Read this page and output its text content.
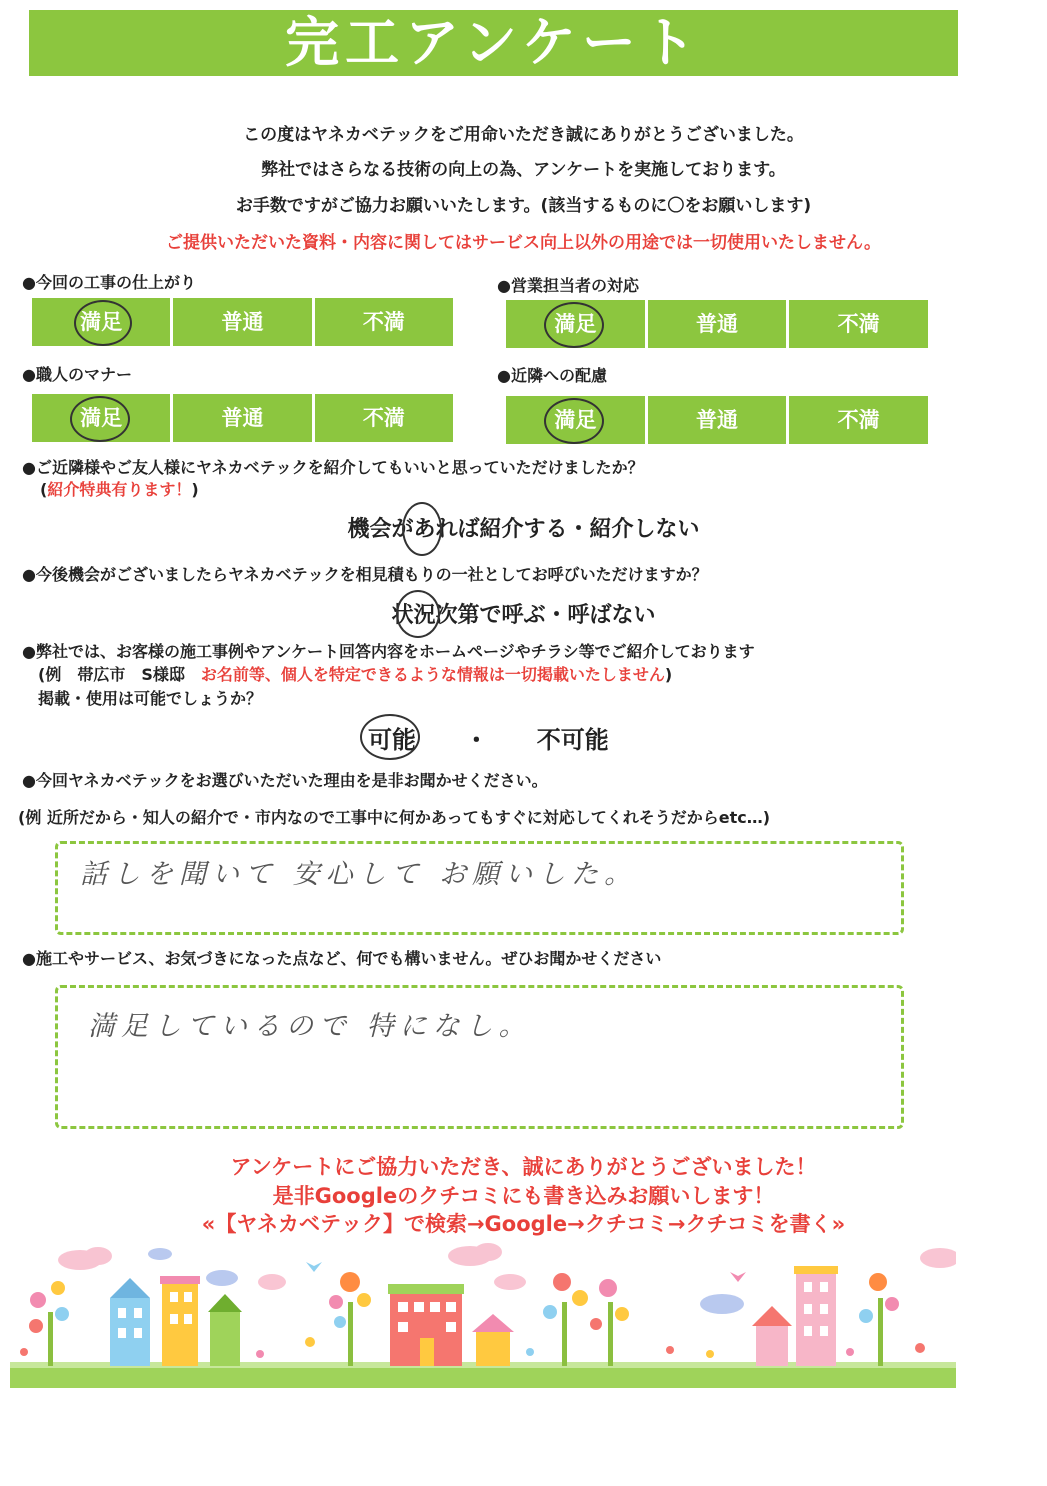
完工アンケート
この度はヤネカベテックをご用命いただき誠にありがとうございました。
弊社ではさらなる技術の向上の為、アンケートを実施しております。
お手数ですがご協力お願いいたします。(該当するものに〇をお願いします)
ご提供いただいた資料・内容に関してはサービス向上以外の用途では一切使用いたしません。
●今回の工事の仕上がり
満足	普通	不満
●営業担当者の対応
満足	普通	不満
●職人のマナー
満足	普通	不満
●近隣への配慮
満足	普通	不満
●ご近隣様やご友人様にヤネカベテックを紹介してもいいと思っていただけましたか？
(紹介特典有ります！)
機会があれば紹介する・紹介しない
●今後機会がございましたらヤネカベテックを相見積もりの一社としてお呼びいただけますか？
状況次第で呼ぶ・呼ばない
●弊社では、お客様の施工事例やアンケート回答内容をホームページやチラシ等でご紹介しております
(例　帯広市　S様邸　お名前等、個人を特定できるような情報は一切掲載いたしません)
掲載・使用は可能でしょうか？
可能 ・ 不可能
●今回ヤネカベテックをお選びいただいた理由を是非お聞かせください。
(例 近所だから・知人の紹介で・市内なので工事中に何かあってもすぐに対応してくれそうだからetc…)
話しを聞いて 安心して お願いした。
●施工やサービス、お気づきになった点など、何でも構いません。ぜひお聞かせください
満足しているので 特になし。
アンケートにご協力いただき、誠にありがとうございました！
是非Googleのクチコミにも書き込みお願いします！
«【ヤネカベテック】で検索→Google→クチコミ→クチコミを書く»
